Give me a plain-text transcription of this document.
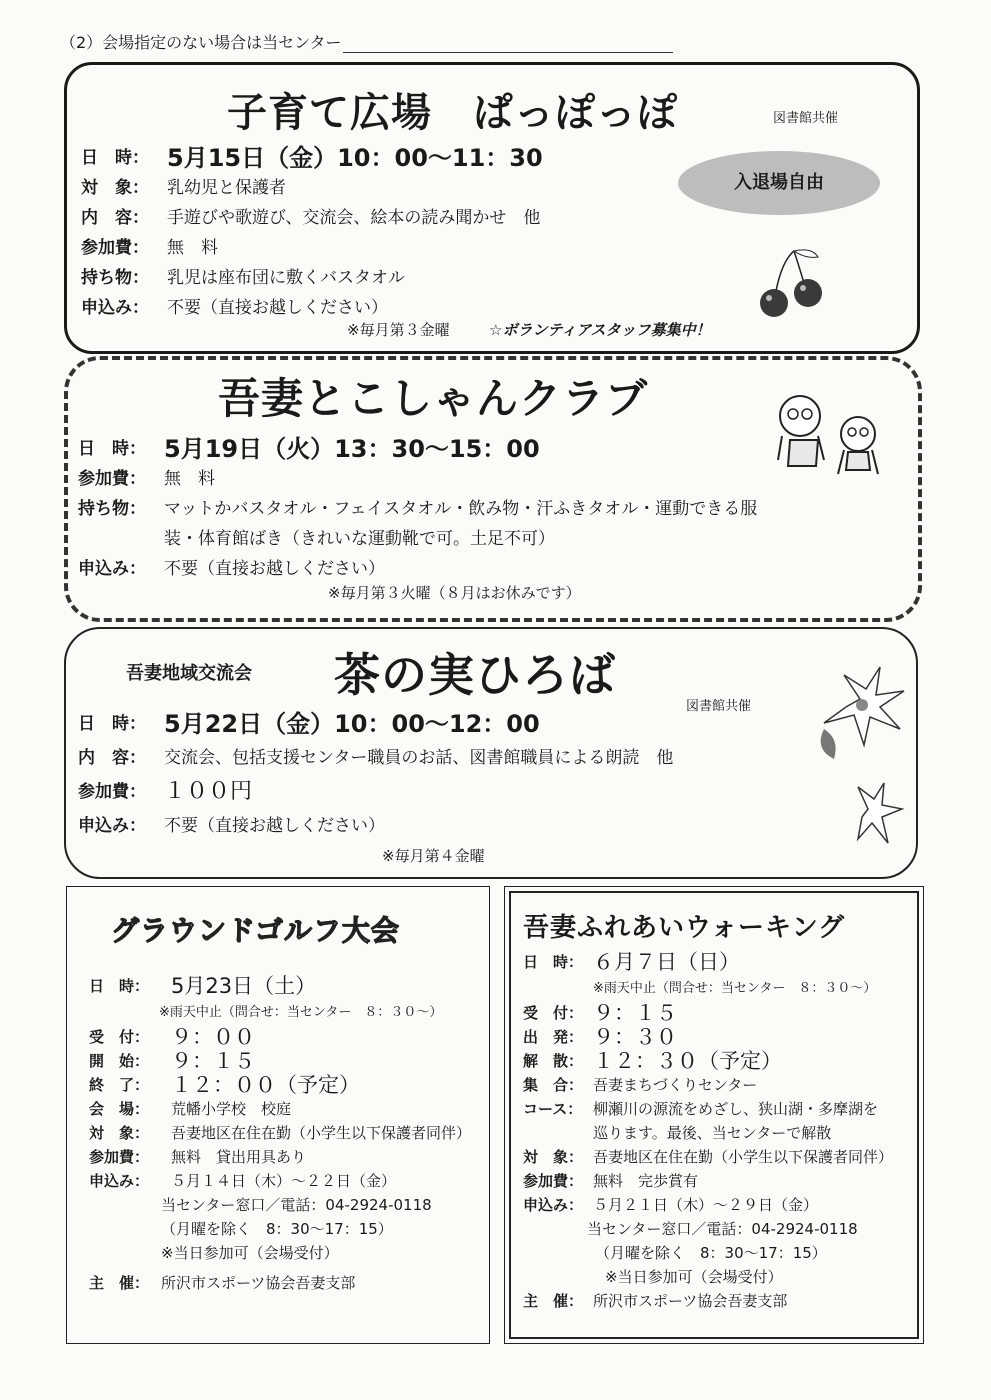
（2）会場指定のない場合は当センター
子育て広場　ぱっぽっぽ	図書館共催
日　時： 5月15日（金）10：00～11：30
対　象： 乳幼児と保護者
内　容： 手遊びや歌遊び、交流会、絵本の読み聞かせ　他
参加費： 無　料
持ち物： 乳児は座布団に敷くバスタオル
申込み： 不要（直接お越しください）
※毎月第３金曜	☆ボランティアスタッフ募集中！
入退場自由
吾妻とこしゃんクラブ
日　時： 5月19日（火）13：30～15：00
参加費： 無　料
持ち物： マットかバスタオル・フェイスタオル・飲み物・汗ふきタオル・運動できる服
装・体育館ばき（きれいな運動靴で可。土足不可）
申込み： 不要（直接お越しください）
※毎月第３火曜（８月はお休みです）
吾妻地域交流会 茶の実ひろば
図書館共催
日　時： 5月22日（金）10：00～12：00
内　容： 交流会、包括支援センター職員のお話、図書館職員による朗読　他
参加費： １００円
申込み： 不要（直接お越しください）
※毎月第４金曜
グラウンドゴルフ大会
日　時： 5月23日（土）
※雨天中止（問合せ：当センター　８：３０～）
受　付： ９：００
開　始： ９：１５
終　了： １２：００（予定）
会　場： 荒幡小学校　校庭
対　象： 吾妻地区在住在勤（小学生以下保護者同伴）
参加費： 無料　貸出用具あり
申込み： ５月１４日（木）～２２日（金）
当センター窓口／電話：04-2924-0118
（月曜を除く　8：30～17：15）
※当日参加可（会場受付）
主　催： 所沢市スポーツ協会吾妻支部
吾妻ふれあいウォーキング
日　時： ６月７日（日）
※雨天中止（問合せ：当センター　８：３０～）
受　付： ９：１５
出　発： ９：３０
解　散： １２：３０（予定）
集　合： 吾妻まちづくりセンター
コース： 柳瀬川の源流をめざし、狭山湖・多摩湖を
巡ります。最後、当センターで解散
対　象： 吾妻地区在住在勤（小学生以下保護者同伴）
参加費： 無料　完歩賞有
申込み： ５月２１日（木）～２９日（金）
当センター窓口／電話：04-2924-0118
（月曜を除く　8：30～17：15）
※当日参加可（会場受付）
主　催： 所沢市スポーツ協会吾妻支部
